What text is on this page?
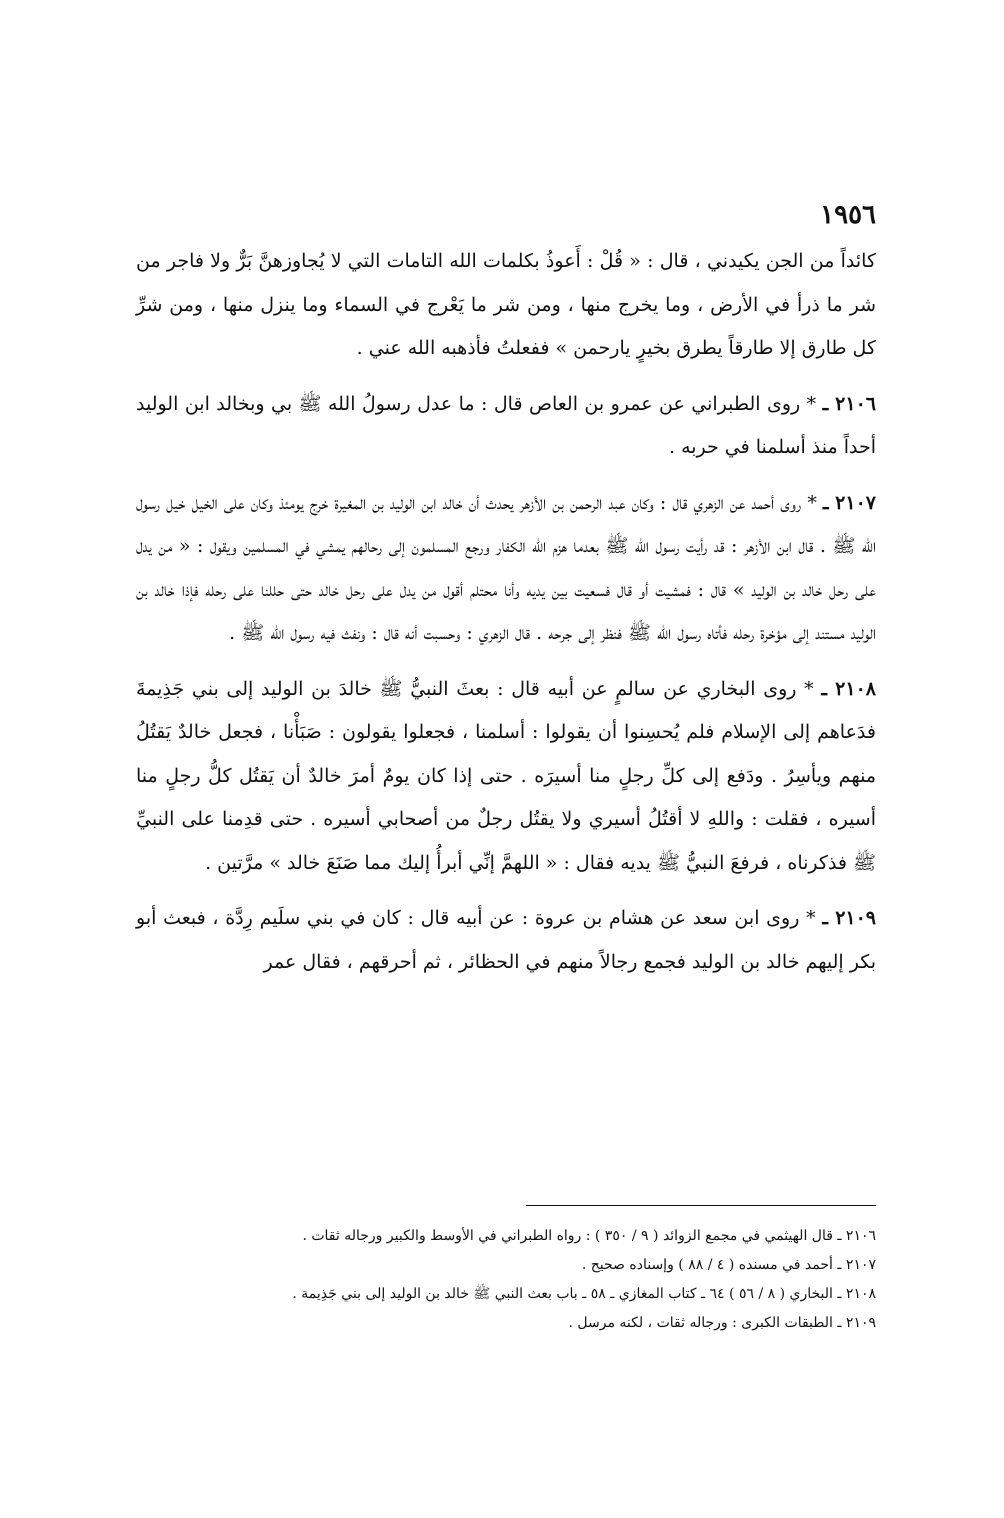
١٩٥٦

كائداً من الجن يكيدني ، قال : « قُلْ : أَعوذُ بكلمات الله التامات التي لا يُجاوزهنَّ بَرٌّ ولا فاجر من شر ما ذرأ في الأرض ، وما يخرج منها ، ومن شر ما يَعْرج في السماء وما ينزل منها ، ومن شرِّ كل طارق إلا طارقاً يطرق بخيرٍ يارحمن » ففعلتُ فأذهبه الله عني .

٢١٠٦ ـ * روى الطبراني عن عمرو بن العاص قال : ما عدل رسولُ الله ﷺ بي وبخالد ابن الوليد أحداً منذ أسلمنا في حربه .

٢١٠٧ ـ * روى أحمد عن الزهري قال : وكان عبد الرحمن بن الأزهر يحدث أن خالد ابن الوليد بن المغيرة خرج يومئذ وكان على الخيل خيل رسول الله ﷺ . قال ابن الأزهر : قد رأيت رسول الله ﷺ بعدما هزم الله الكفار ورجع المسلمون إلى رحالهم يمشي في المسلمين ويقول : « من يدل على رحل خالد بن الوليد » قال : فمشيت أو قال فسعيت بين يديه وأنا محتلم أقول من يدل على رحل خالد حتى حللنا على رحله فإذا خالد بن الوليد مستند إلى مؤخرة رحله فأتاه رسول الله ﷺ فنظر إلى جرحه . قال الزهري : وحسبت أنه قال : ونفث فيه رسول الله ﷺ .

٢١٠٨ ـ * روى البخاري عن سالمٍ عن أبيه قال : بعثَ النبيُّ ﷺ خالدَ بن الوليد إلى بني جَذِيمةَ فدَعاهم إلى الإسلام فلم يُحسِنوا أن يقولوا : أسلمنا ، فجعلوا يقولون : صَبَأْنا ، فجعل خالدٌ يَقتُلُ منهم ويأسِرُ . ودَفع إلى كلِّ رجلٍ منا أسيرَه . حتى إذا كان يومٌ أمرَ خالدٌ أن يَقتُل كلُّ رجلٍ منا أسيره ، فقلت : واللهِ لا أقتُلُ أسيري ولا يقتُل رجلٌ من أصحابي أسيره . حتى قدِمنا على النبيِّ ﷺ فذكرناه ، فرفعَ النبيُّ ﷺ يديه فقال : « اللهمَّ إنِّي أبرأُ إليك مما صَنَعَ خالد » مرَّتين .

٢١٠٩ ـ * روى ابن سعد عن هشام بن عروة : عن أبيه قال : كان في بني سلَيم رِدَّة ، فبعث أبو بكر إليهم خالد بن الوليد فجمع رجالاً منهم في الحظائر ، ثم أحرقهم ، فقال عمر

٢١٠٦ ـ قال الهيثمي في مجمع الزوائد ( ٩ / ٣٥٠ ) : رواه الطبراني في الأوسط والكبير ورجاله ثقات .

٢١٠٧ ـ أحمد في مسنده ( ٤ / ٨٨ ) وإسناده صحيح .

٢١٠٨ ـ البخاري ( ٨ / ٥٦ ) ٦٤ ـ كتاب المغازي ـ ٥٨ ـ باب بعث النبي ﷺ خالد بن الوليد إلى بني جَذِيمة .

٢١٠٩ ـ الطبقات الكبرى : ورجاله ثقات ، لكنه مرسل .
